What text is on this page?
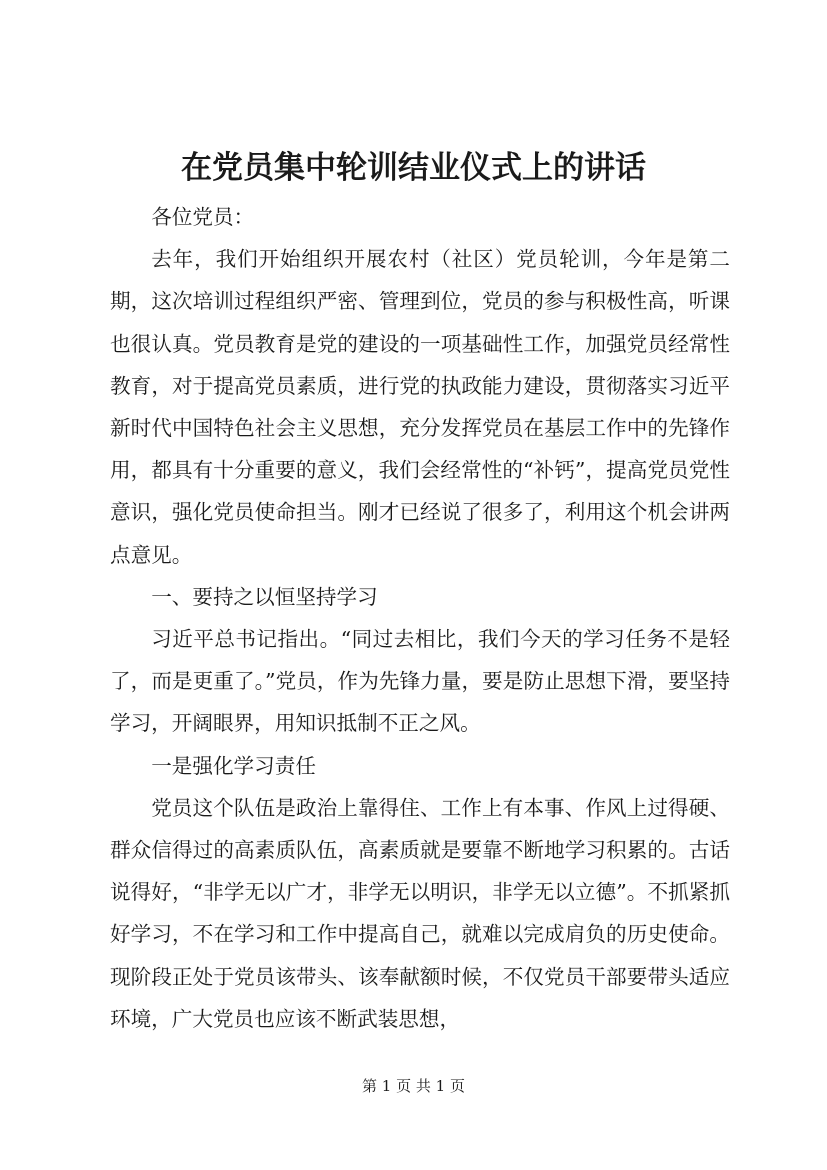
在党员集中轮训结业仪式上的讲话

各位党员：

去年，我们开始组织开展农村（社区）党员轮训，今年是第二期，这次培训过程组织严密、管理到位，党员的参与积极性高，听课也很认真。党员教育是党的建设的一项基础性工作，加强党员经常性教育，对于提高党员素质，进行党的执政能力建设，贯彻落实习近平新时代中国特色社会主义思想，充分发挥党员在基层工作中的先锋作用，都具有十分重要的意义，我们会经常性的“补钙”，提高党员党性意识，强化党员使命担当。刚才已经说了很多了，利用这个机会讲两点意见。

一、要持之以恒坚持学习

习近平总书记指出。“同过去相比，我们今天的学习任务不是轻了，而是更重了。”党员，作为先锋力量，要是防止思想下滑，要坚持学习，开阔眼界，用知识抵制不正之风。

一是强化学习责任

党员这个队伍是政治上靠得住、工作上有本事、作风上过得硬、群众信得过的高素质队伍，高素质就是要靠不断地学习积累的。古话说得好，“非学无以广才，非学无以明识，非学无以立德”。不抓紧抓好学习，不在学习和工作中提高自己，就难以完成肩负的历史使命。现阶段正处于党员该带头、该奉献额时候，不仅党员干部要带头适应环境，广大党员也应该不断武装思想，

第 1 页 共 1 页
